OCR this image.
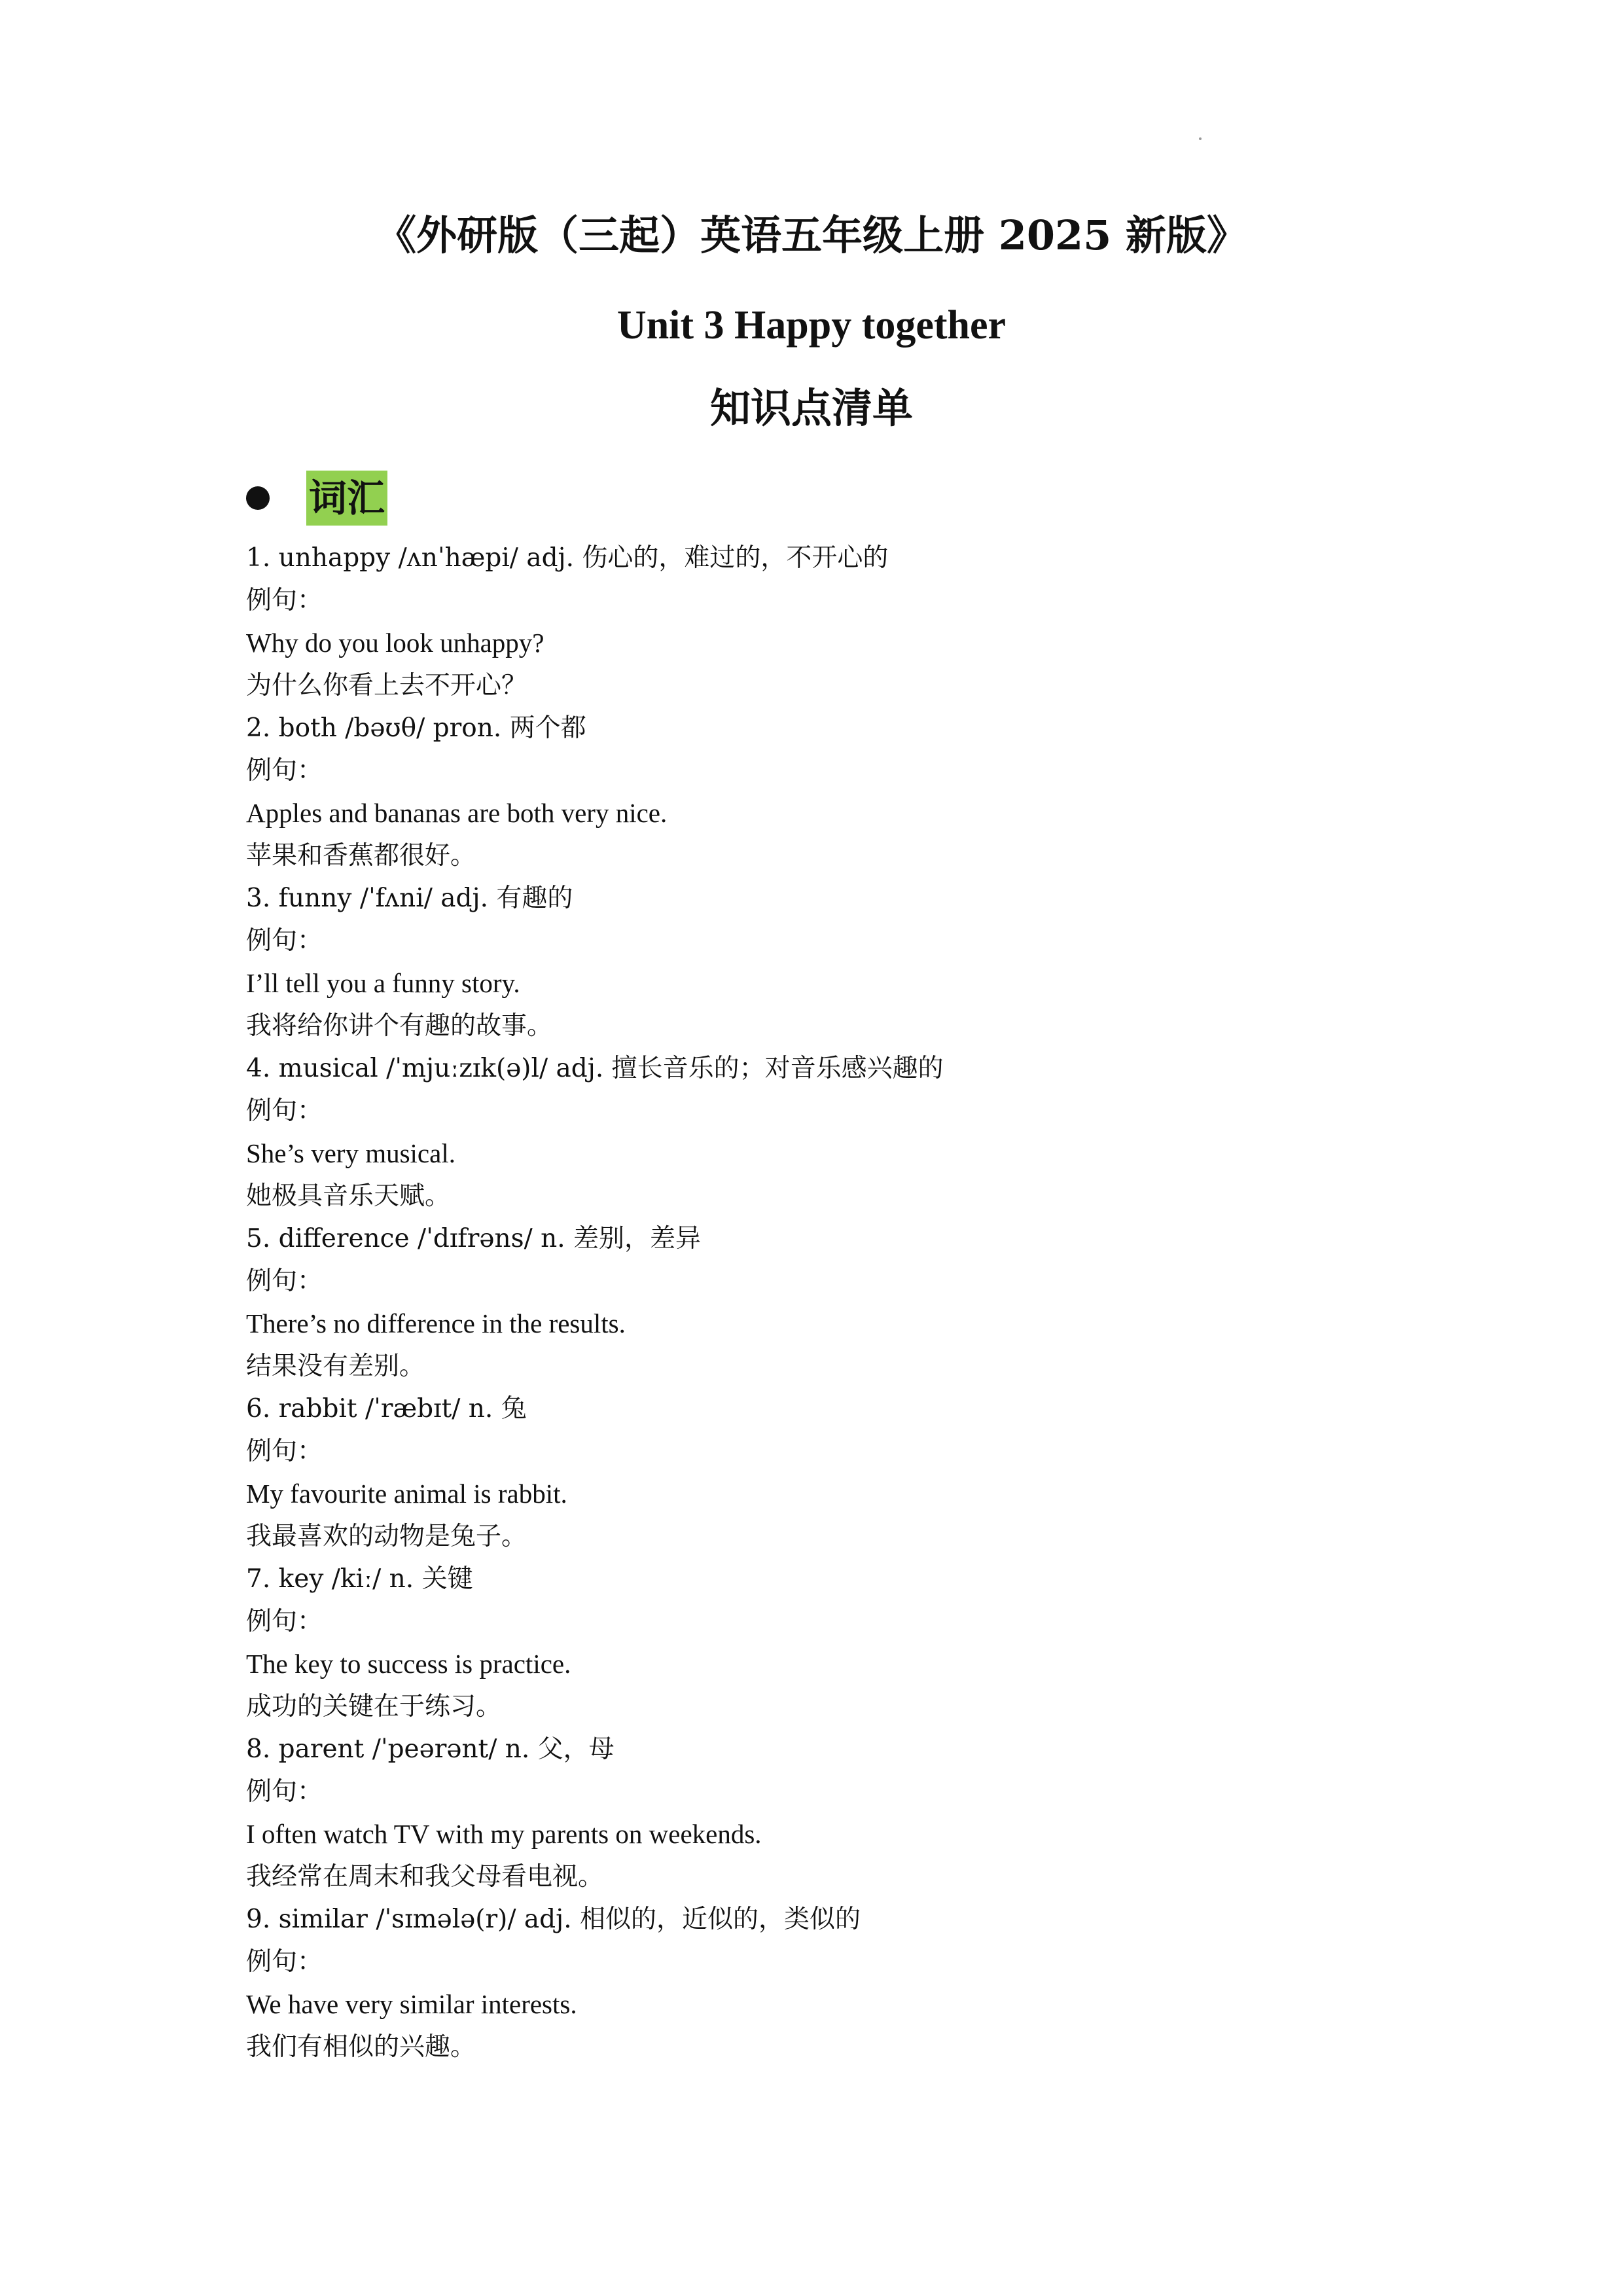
《外研版（三起）英语五年级上册 2025 新版》
Unit 3 Happy together
知识点清单
词汇
1. unhappy /ʌnˈhæpi/ adj. 伤心的，难过的，不开心的
例句：
Why do you look unhappy?
为什么你看上去不开心？
2. both /bəʊθ/ pron. 两个都
例句：
Apples and bananas are both very nice.
苹果和香蕉都很好。
3. funny /ˈfʌni/ adj. 有趣的
例句：
I’ll tell you a funny story.
我将给你讲个有趣的故事。
4. musical /ˈmjuːzɪk(ə)l/ adj. 擅长音乐的；对音乐感兴趣的
例句：
She’s very musical.
她极具音乐天赋。
5. difference /ˈdɪfrəns/ n. 差别，差异
例句：
There’s no difference in the results.
结果没有差别。
6. rabbit /ˈræbɪt/ n. 兔
例句：
My favourite animal is rabbit.
我最喜欢的动物是兔子。
7. key /kiː/ n. 关键
例句：
The key to success is practice.
成功的关键在于练习。
8. parent /ˈpeərənt/ n. 父，母
例句：
I often watch TV with my parents on weekends.
我经常在周末和我父母看电视。
9. similar /ˈsɪmələ(r)/ adj. 相似的，近似的，类似的
例句：
We have very similar interests.
我们有相似的兴趣。
